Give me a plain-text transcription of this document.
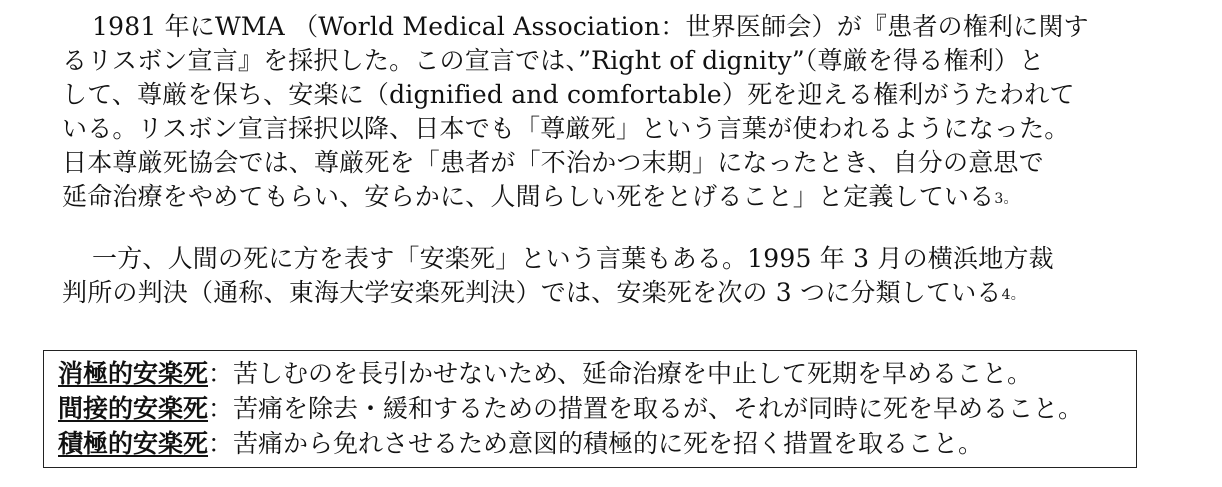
1981 年にWMA （World Medical Association：世界医師会）が『患者の権利に関す
るリスボン宣言』を採択した。この宣言では、”Right of dignity”（尊厳を得る権利）と
して、尊厳を保ち、安楽に（dignified and comfortable）死を迎える権利がうたわれて
いる。リスボン宣言採択以降、日本でも「尊厳死」という言葉が使われるようになった。
日本尊厳死協会では、尊厳死を「患者が「不治かつ末期」になったとき、自分の意思で
延命治療をやめてもらい、安らかに、人間らしい死をとげること」と定義している3。
一方、人間の死に方を表す「安楽死」という言葉もある。1995 年 3 月の横浜地方裁
判所の判決（通称、東海大学安楽死判決）では、安楽死を次の 3 つに分類している4。
消極的安楽死：苦しむのを長引かせないため、延命治療を中止して死期を早めること。
間接的安楽死：苦痛を除去・緩和するための措置を取るが、それが同時に死を早めること。
積極的安楽死：苦痛から免れさせるため意図的積極的に死を招く措置を取ること。
